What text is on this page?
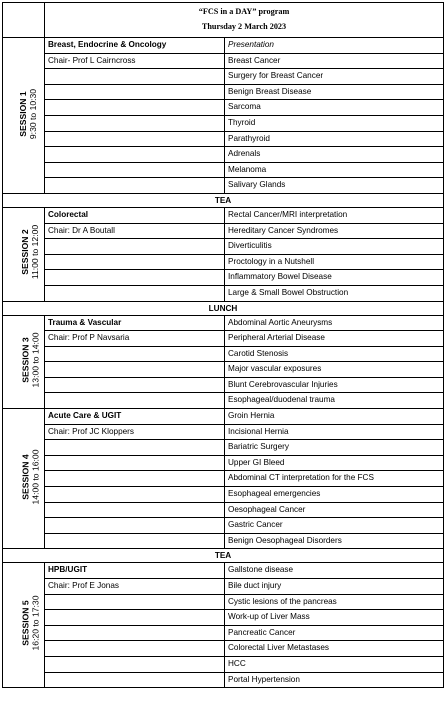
	“FCS in a DAY” program
Thursday 2 March 2023	

SESSION 1 9:30 to 10:30	Breast, Endocrine & Oncology	Presentation
	Chair- Prof L Cairncross	Breast Cancer
		Surgery for Breast Cancer
		Benign Breast Disease
		Sarcoma
		Thyroid
		Parathyroid
		Adrenals
		Melanoma
		Salivary Glands
TEA		

SESSION 2 11:00 to 12:00	Colorectal	Rectal Cancer/MRI interpretation
	Chair: Dr A Boutall	Hereditary Cancer Syndromes
		Diverticulitis
		Proctology in a Nutshell
		Inflammatory Bowel Disease
		Large & Small Bowel Obstruction
LUNCH		

SESSION 3 13:00 to 14:00	Trauma & Vascular	Abdominal Aortic Aneurysms
	Chair: Prof P Navsaria	Peripheral Arterial Disease
		Carotid Stenosis
		Major vascular exposures
		Blunt Cerebrovascular Injuries
		Esophageal/duodenal trauma

SESSION 4 14:00 to 16:00	Acute Care & UGIT	Groin Hernia
	Chair: Prof JC Kloppers	Incisional Hernia
		Bariatric Surgery
		Upper GI Bleed
		Abdominal CT interpretation for the FCS
		Esophageal emergencies
		Oesophageal Cancer
		Gastric Cancer
		Benign Oesophageal Disorders
TEA		

SESSION 5 16:20 to 17:30	HPB/UGIT	Gallstone disease
	Chair: Prof E Jonas	Bile duct injury
		Cystic lesions of the pancreas
		Work-up of Liver Mass
		Pancreatic Cancer
		Colorectal Liver Metastases
		HCC
		Portal Hypertension
